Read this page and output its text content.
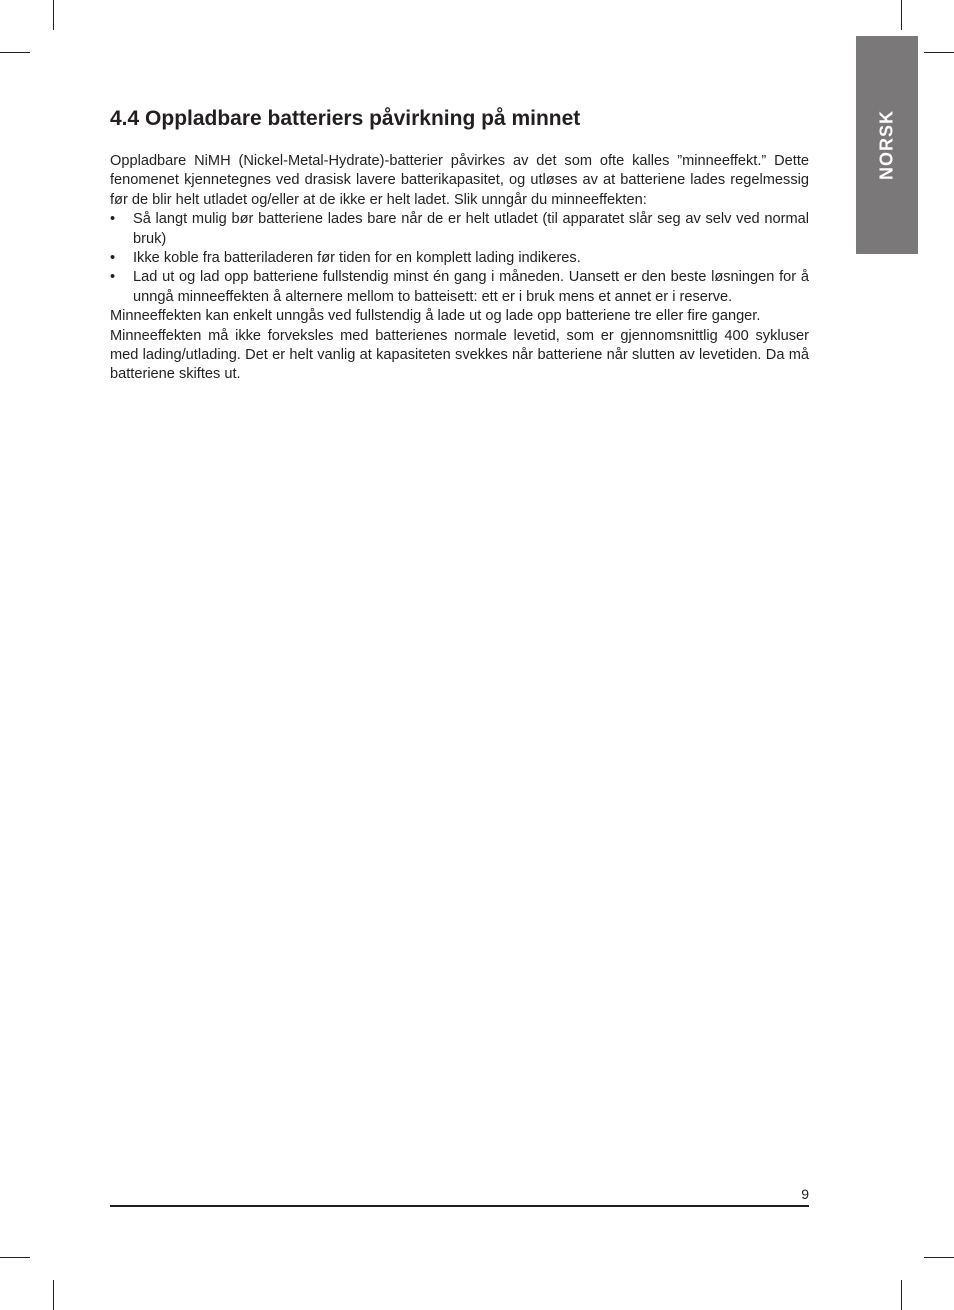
NORSK
4.4 Oppladbare batteriers påvirkning på minnet

Oppladbare NiMH (Nickel-Metal-Hydrate)-batterier påvirkes av det som ofte kalles ”minneeffekt.” Dette fenomenet kjennetegnes ved drasisk lavere batterikapasitet, og utløses av at batteriene lades regelmessig før de blir helt utladet og/eller at de ikke er helt ladet. Slik unngår du minneeffekten:

• Så langt mulig bør batteriene lades bare når de er helt utladet (til apparatet slår seg av selv ved normal bruk)
• Ikke koble fra batteriladeren før tiden for en komplett lading indikeres.
• Lad ut og lad opp batteriene fullstendig minst én gang i måneden. Uansett er den beste løsningen for å unngå minneeffekten å alternere mellom to batteisett: ett er i bruk mens et annet er i reserve.

Minneeffekten kan enkelt unngås ved fullstendig å lade ut og lade opp batteriene tre eller fire ganger.

Minneeffekten må ikke forveksles med batterienes normale levetid, som er gjennomsnittlig 400 sykluser med lading/utlading. Det er helt vanlig at kapasiteten svekkes når batteriene når slutten av levetiden. Da må batteriene skiftes ut.

9
